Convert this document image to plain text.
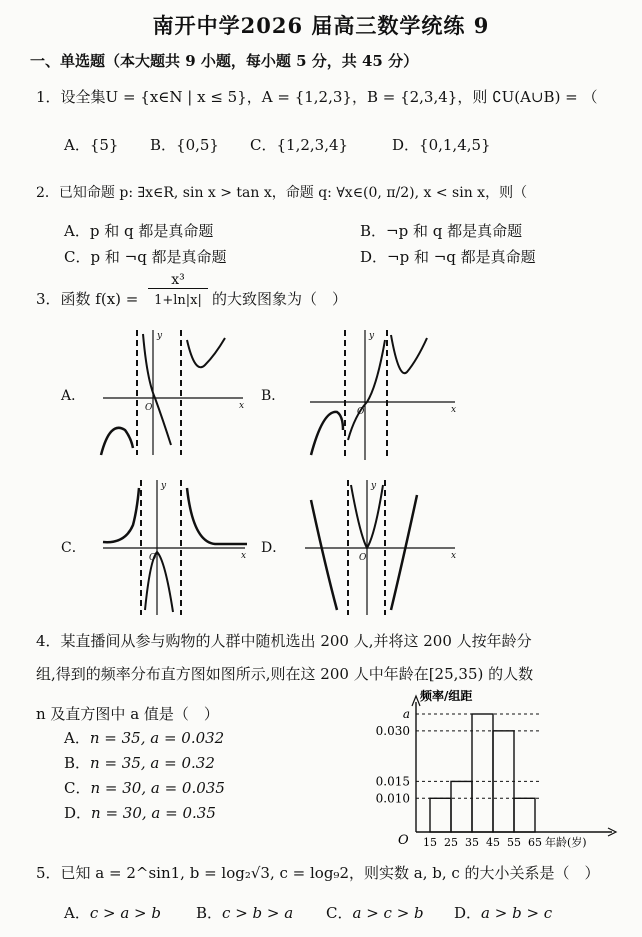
南开中学2026 届高三数学统练 9
一、单选题（本大题共 9 小题，每小题 5 分，共 45 分）
1．设全集U = {x∈N | x ≤ 5}，A = {1,2,3}，B = {2,3,4}，则 ∁U(A∪B) = （
A．{5} B．{0,5} C．{1,2,3,4}	D．{0,1,4,5}
2．已知命题 p: ∃x∈R, sin x > tan x，命题 q: ∀x∈(0, π/2), x < sin x，则（
A．p 和 q 都是真命题	B．¬p 和 q 都是真命题
C．p 和 ¬q 都是真命题	D．¬p 和 ¬q 都是真命题
3．函数 f(x) =
x³
1+ln|x| 的大致图象为（　）
A．	B．
C．	D．
x
y
O	x
y
O
x
y
O	x
y
O
4．某直播间从参与购物的人群中随机选出 200 人,并将这 200 人按年龄分
组,得到的频率分布直方图如图所示,则在这 200 人中年龄在[25,35) 的人数
n 及直方图中 a 值是（　）
A．n = 35, a = 0.032
B．n = 35, a = 0.32
C．n = 30, a = 0.035
D．n = 30, a = 0.35
a
0.030
0.015
0.010
15 25 35 45 55 65 年龄(岁)
频率/组距
O
5．已知 a = 2^sin1, b = log₂√3, c = log₉2，则实数 a, b, c 的大小关系是（　）
A．c > a > b B．c > b > a C．a > c > b D．a > b > c
